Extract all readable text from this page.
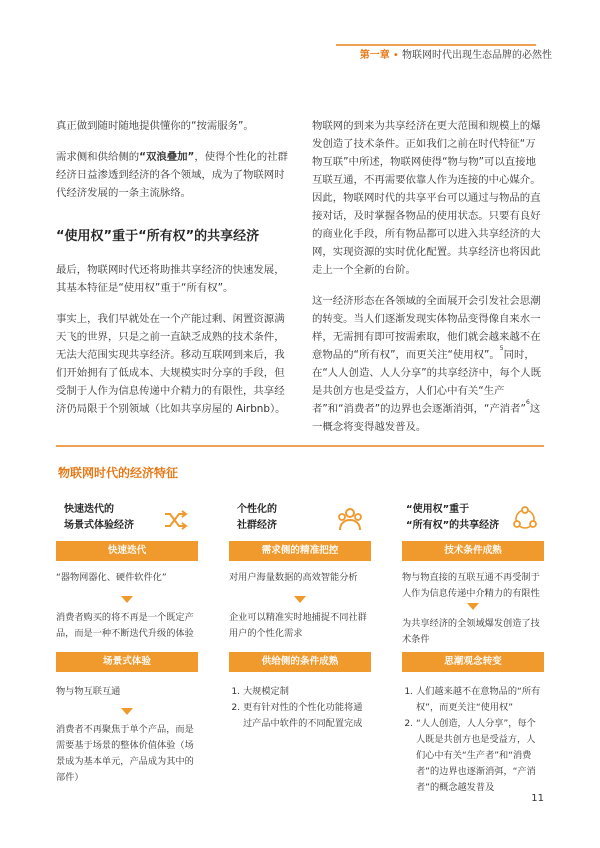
第一章 • 物联网时代出现生态品牌的必然性

真正做到随时随地提供懂你的“按需服务”。

需求侧和供给侧的“双浪叠加”，使得个性化的社群经济日益渗透到经济的各个领域，成为了物联网时代经济发展的一条主流脉络。

“使用权”重于“所有权”的共享经济

最后，物联网时代还将助推共享经济的快速发展，其基本特征是“使用权”重于“所有权”。

事实上，我们早就处在一个产能过剩、闲置资源满天飞的世界，只是之前一直缺乏成熟的技术条件，无法大范围实现共享经济。移动互联网到来后，我们开始拥有了低成本、大规模实时分享的手段，但受制于人作为信息传递中介精力的有限性，共享经济仍局限于个别领域（比如共享房屋的 Airbnb）。

物联网的到来为共享经济在更大范围和规模上的爆发创造了技术条件。正如我们之前在时代特征“万物互联”中所述，物联网使得“物与物”可以直接地互联互通，不再需要依靠人作为连接的中心媒介。因此，物联网时代的共享平台可以通过与物品的直接对话，及时掌握各物品的使用状态。只要有良好的商业化手段，所有物品都可以进入共享经济的大网，实现资源的实时优化配置。共享经济也将因此走上一个全新的台阶。

这一经济形态在各领域的全面展开会引发社会思潮的转变。当人们逐渐发现实体物品变得像自来水一样，无需拥有即可按需索取，他们就会越来越不在意物品的“所有权”，而更关注“使用权”。$^5$同时，在“人人创造、人人分享”的共享经济中，每个人既是共创方也是受益方，人们心中有关“生产者”和“消费者”的边界也会逐渐消弭，“产消者”$^6$这一概念将变得越发普及。

物联网时代的经济特征
快速迭代的
场景式体验经济
快速迭代
“器物网器化、硬件软件化”
消费者购买的将不再是一个既定产品，而是一种不断迭代升级的体验
场景式体验
物与物互联互通
消费者不再聚焦于单个产品，而是需要基于场景的整体价值体验（场景成为基本单元，产品成为其中的部件）
个性化的
社群经济
需求侧的精准把控
对用户海量数据的高效智能分析
企业可以精准实时地捕捉不同社群用户的个性化需求
供给侧的条件成熟
1. 大规模定制
2. 更有针对性的个性化功能将通过产品中软件的不同配置完成
“使用权”重于
“所有权”的共享经济
技术条件成熟
物与物直接的互联互通不再受制于人作为信息传递中介精力的有限性
为共享经济的全领域爆发创造了技术条件
思潮观念转变
1. 人们越来越不在意物品的“所有权”，而更关注“使用权”
2. “人人创造，人人分享”，每个人既是共创方也是受益方，人们心中有关“生产者”和“消费者”的边界也逐渐消弭，“产消者”的概念越发普及
11
